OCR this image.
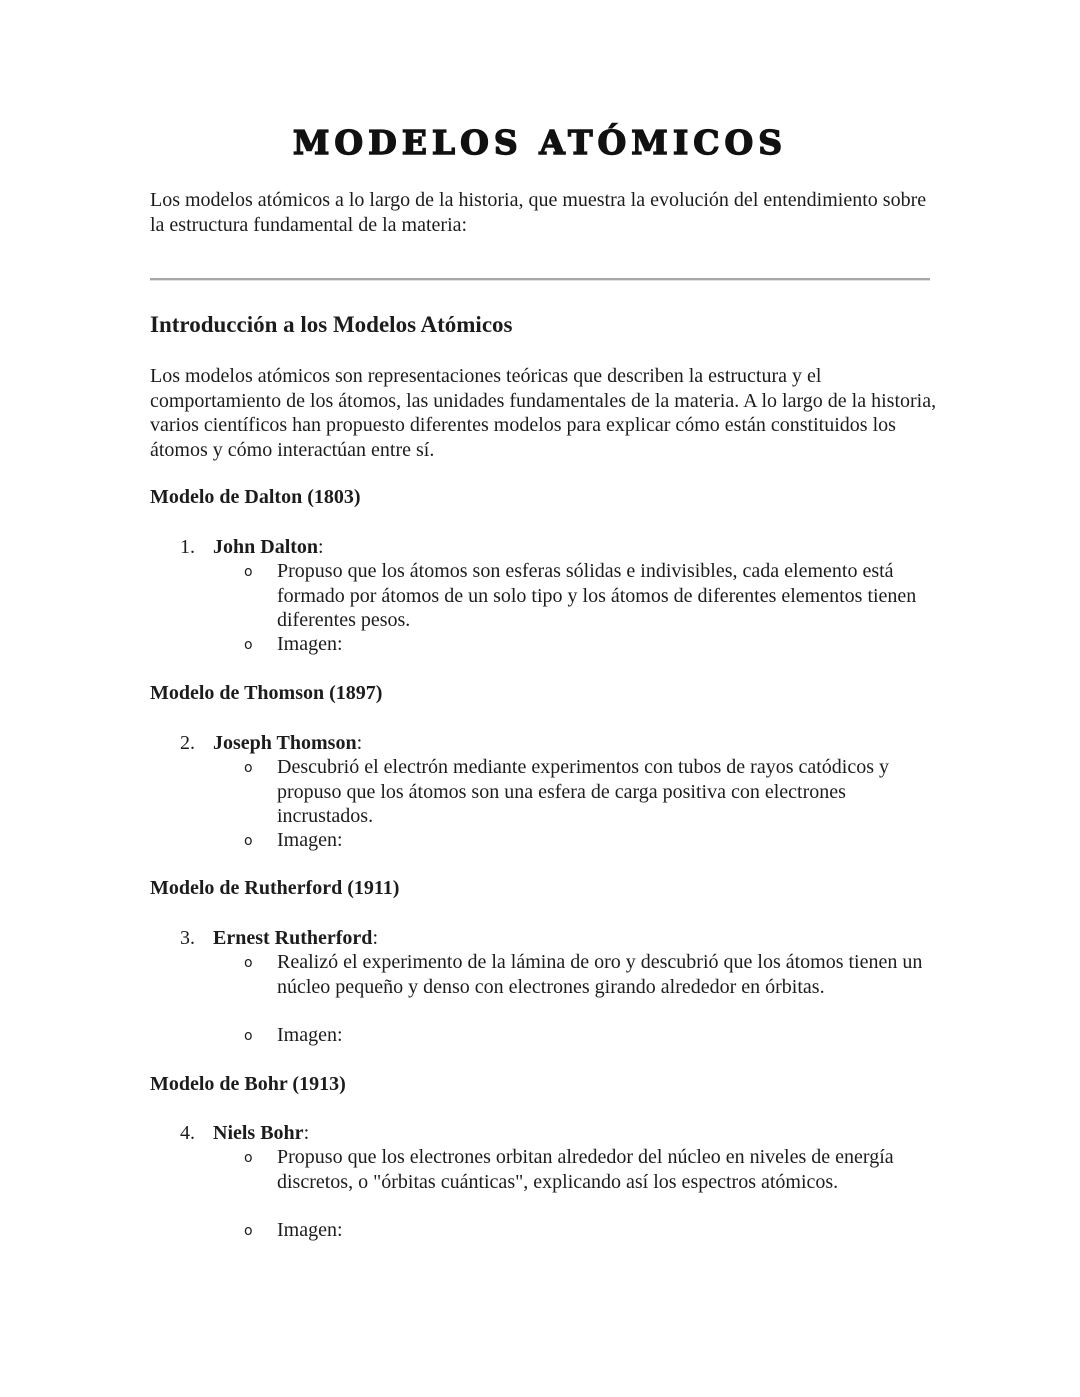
MODELOS ATÓMICOS
Los modelos atómicos a lo largo de la historia, que muestra la evolución del entendimiento sobre la estructura fundamental de la materia:
Introducción a los Modelos Atómicos
Los modelos atómicos son representaciones teóricas que describen la estructura y el comportamiento de los átomos, las unidades fundamentales de la materia. A lo largo de la historia, varios científicos han propuesto diferentes modelos para explicar cómo están constituidos los átomos y cómo interactúan entre sí.
Modelo de Dalton (1803)
1. John Dalton:
o Propuso que los átomos son esferas sólidas e indivisibles, cada elemento está formado por átomos de un solo tipo y los átomos de diferentes elementos tienen diferentes pesos.
o Imagen:
Modelo de Thomson (1897)
2. Joseph Thomson:
o Descubrió el electrón mediante experimentos con tubos de rayos catódicos y propuso que los átomos son una esfera de carga positiva con electrones incrustados.
o Imagen:
Modelo de Rutherford (1911)
3. Ernest Rutherford:
o Realizó el experimento de la lámina de oro y descubrió que los átomos tienen un núcleo pequeño y denso con electrones girando alrededor en órbitas.
o Imagen:
Modelo de Bohr (1913)
4. Niels Bohr:
o Propuso que los electrones orbitan alrededor del núcleo en niveles de energía discretos, o "órbitas cuánticas", explicando así los espectros atómicos.
o Imagen:
